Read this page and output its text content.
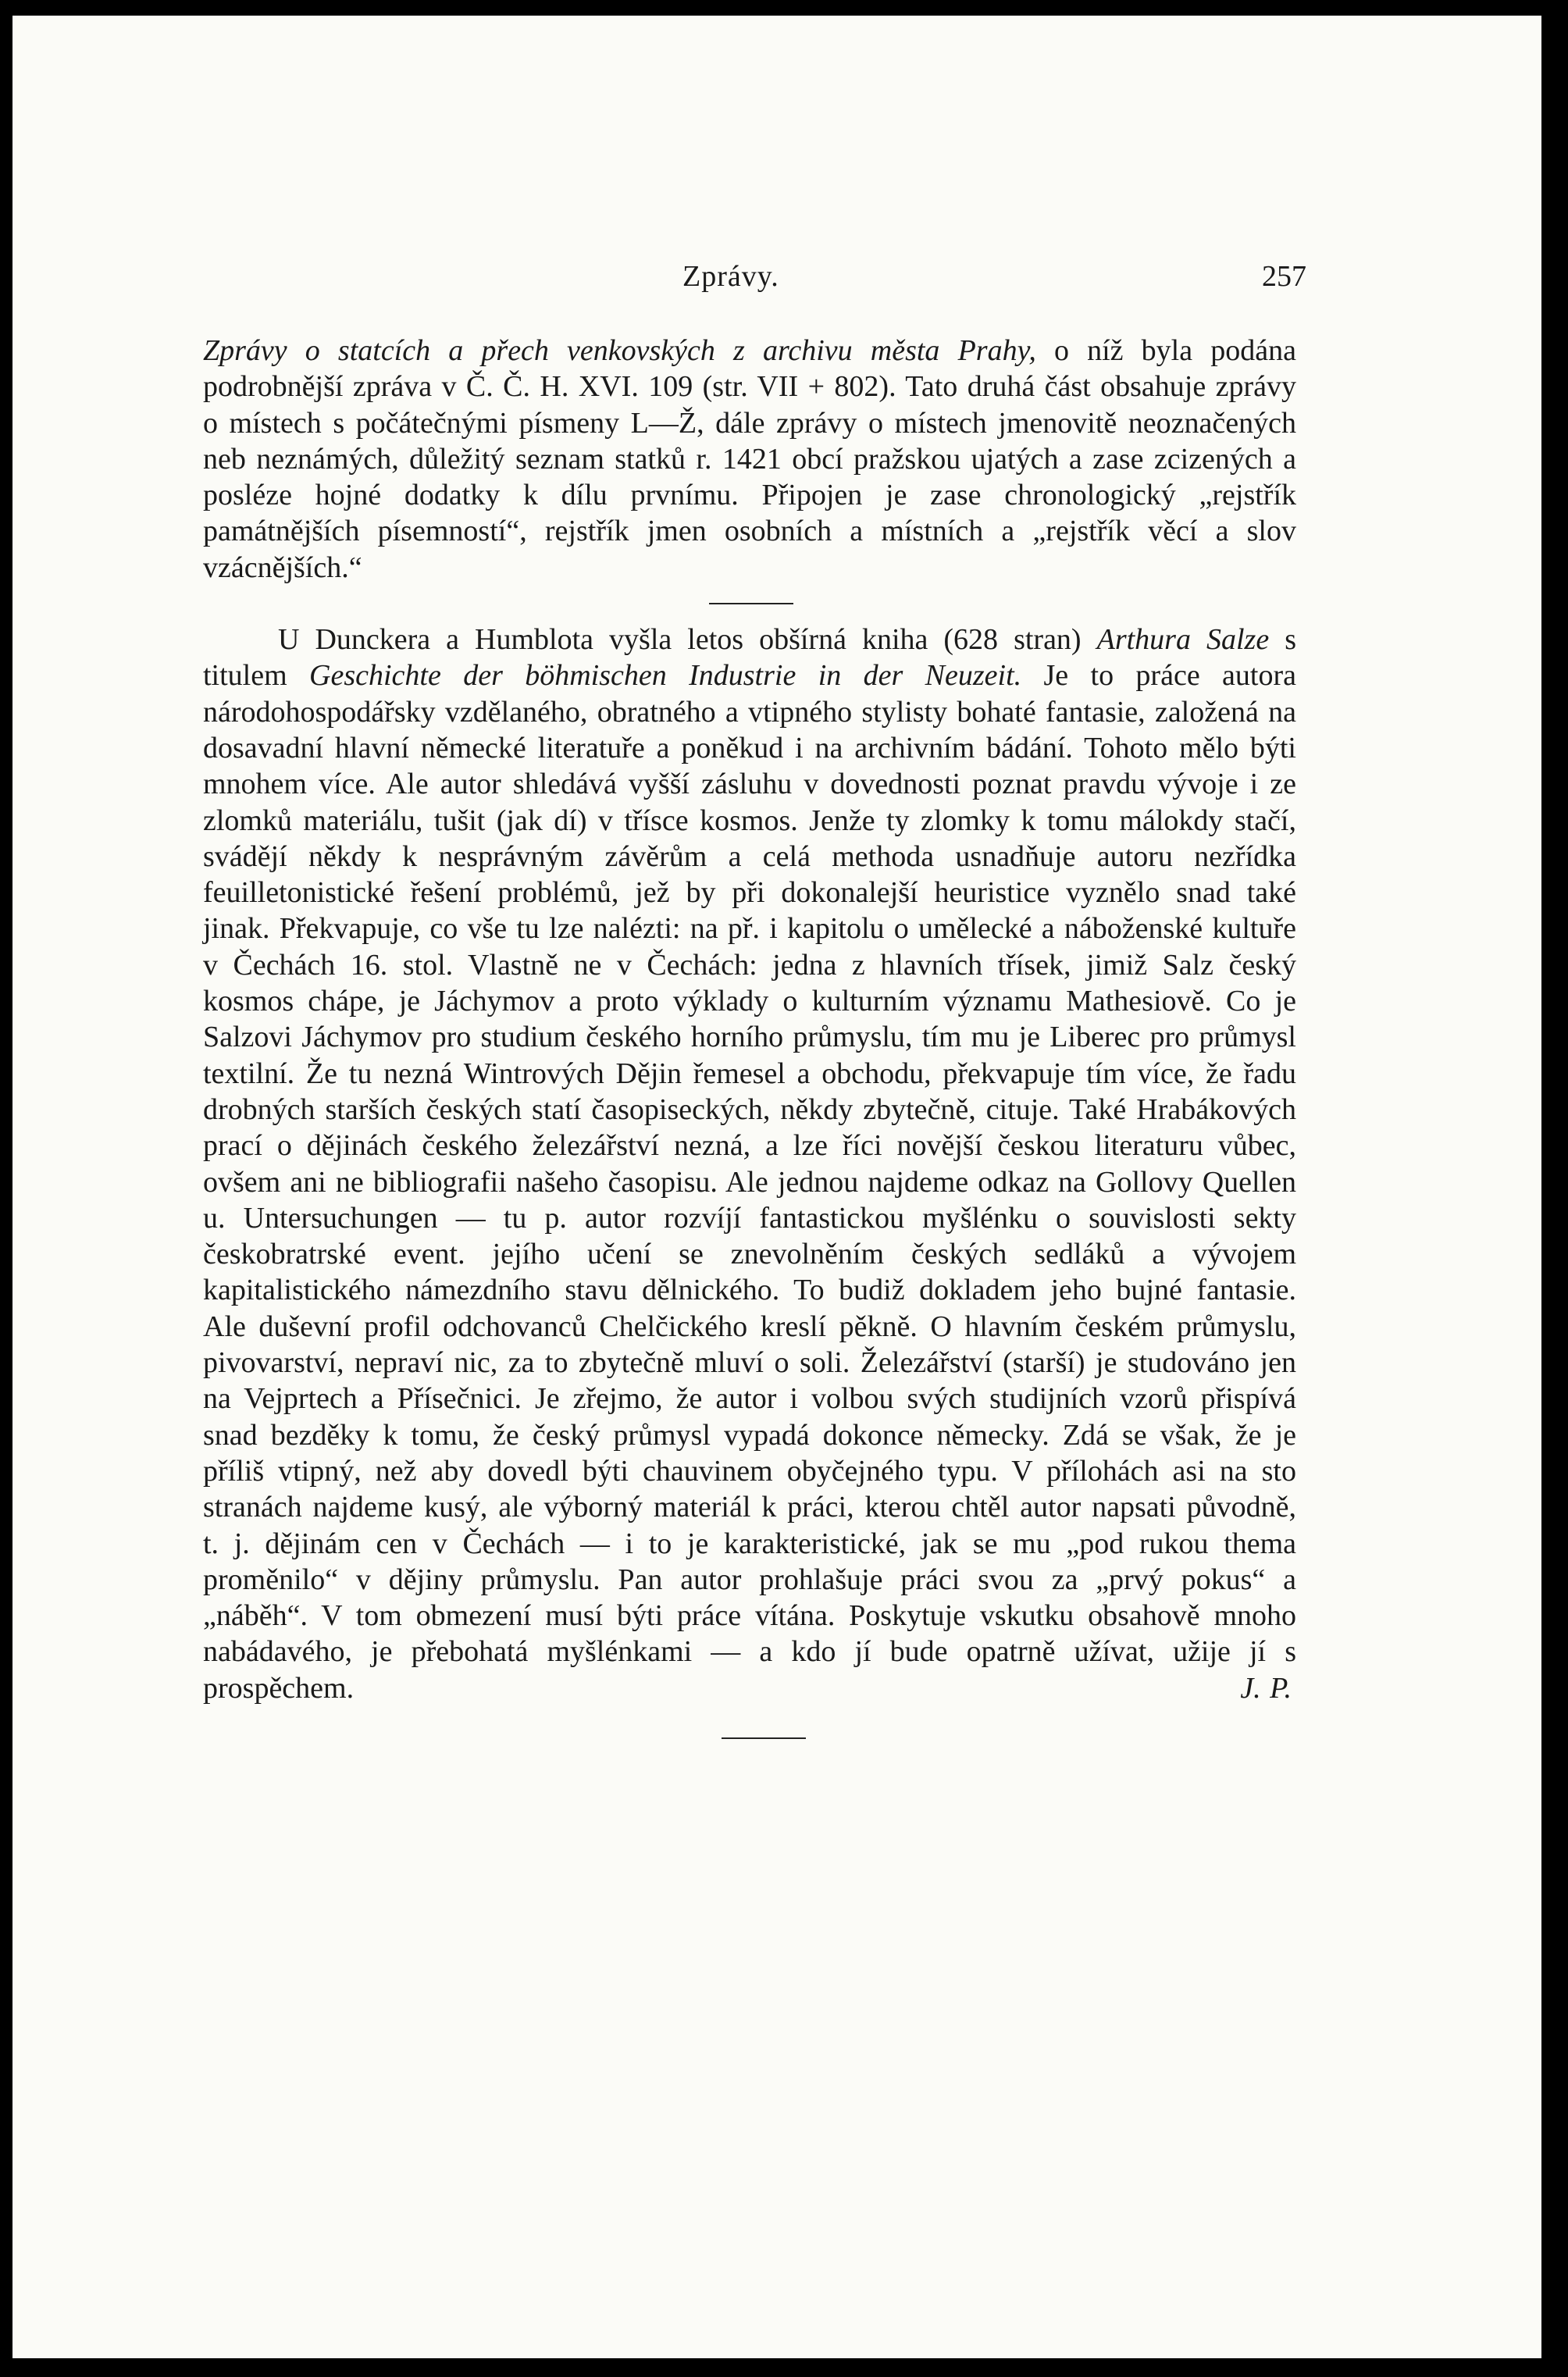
Zprávy.	257

Zprávy o statcích a přech venkovských z archivu města Prahy, o níž byla podána podrobnější zpráva v Č. Č. H. XVI. 109 (str. VII + 802). Tato druhá část obsahuje zprávy o místech s počátečnými písmeny L—Ž, dále zprávy o místech jmenovitě neoznačených neb neznámých, důležitý seznam statků r. 1421 obcí pražskou ujatých a zase zcizených a posléze hojné dodatky k dílu prvnímu. Připojen je zase chronologický „rejstřík památnějších písemností“, rejstřík jmen osobních a místních a „rejstřík věcí a slov vzácnějších.“

U Dunckera a Humblota vyšla letos obšírná kniha (628 stran) Arthura Salze s titulem Geschichte der böhmischen Industrie in der Neuzeit. Je to práce autora národohospodářsky vzdělaného, obratného a vtipného stylisty bohaté fantasie, založená na dosavadní hlavní německé literatuře a poněkud i na archivním bádání. Tohoto mělo býti mnohem více. Ale autor shledává vyšší zásluhu v dovednosti poznat pravdu vývoje i ze zlomků materiálu, tušit (jak dí) v třísce kosmos. Jenže ty zlomky k tomu málokdy stačí, svádějí někdy k nesprávným závěrům a celá methoda usnadňuje autoru nezřídka feuilletonistické řešení problémů, jež by při dokonalejší heuristice vyznělo snad také jinak. Překvapuje, co vše tu lze nalézti: na př. i kapitolu o umělecké a náboženské kultuře v Čechách 16. stol. Vlastně ne v Čechách: jedna z hlavních třísek, jimiž Salz český kosmos chápe, je Jáchymov a proto výklady o kulturním významu Mathesiově. Co je Salzovi Jáchymov pro studium českého horního průmyslu, tím mu je Liberec pro průmysl textilní. Že tu nezná Wintrových Dějin řemesel a obchodu, překvapuje tím více, že řadu drobných starších českých statí časopiseckých, někdy zbytečně, cituje. Také Hrabákových prací o dějinách českého železářství nezná, a lze říci novější českou literaturu vůbec, ovšem ani ne bibliografii našeho časopisu. Ale jednou najdeme odkaz na Gollovy Quellen u. Untersuchungen — tu p. autor rozvíjí fantastickou myšlénku o souvislosti sekty českobratrské event. jejího učení se znevolněním českých sedláků a vývojem kapitalistického námezdního stavu dělnického. To budiž dokladem jeho bujné fantasie. Ale duševní profil odchovanců Chelčického kreslí pěkně. O hlavním českém průmyslu, pivovarství, nepraví nic, za to zbytečně mluví o soli. Železářství (starší) je studováno jen na Vejprtech a Přísečnici. Je zřejmo, že autor i volbou svých studijních vzorů přispívá snad bezděky k tomu, že český průmysl vypadá dokonce německy. Zdá se však, že je příliš vtipný, než aby dovedl býti chauvinem obyčejného typu. V přílohách asi na sto stranách najdeme kusý, ale výborný materiál k práci, kterou chtěl autor napsati původně, t. j. dějinám cen v Čechách — i to je karakteristické, jak se mu „pod rukou thema proměnilo“ v dějiny průmyslu. Pan autor prohlašuje práci svou za „prvý pokus“ a „náběh“. V tom obmezení musí býti práce vítána. Poskytuje vskutku obsahově mnoho nabádavého, je přebohatá myšlénkami — a kdo jí bude opatrně užívat, užije jí s prospěchem.	J. P.
